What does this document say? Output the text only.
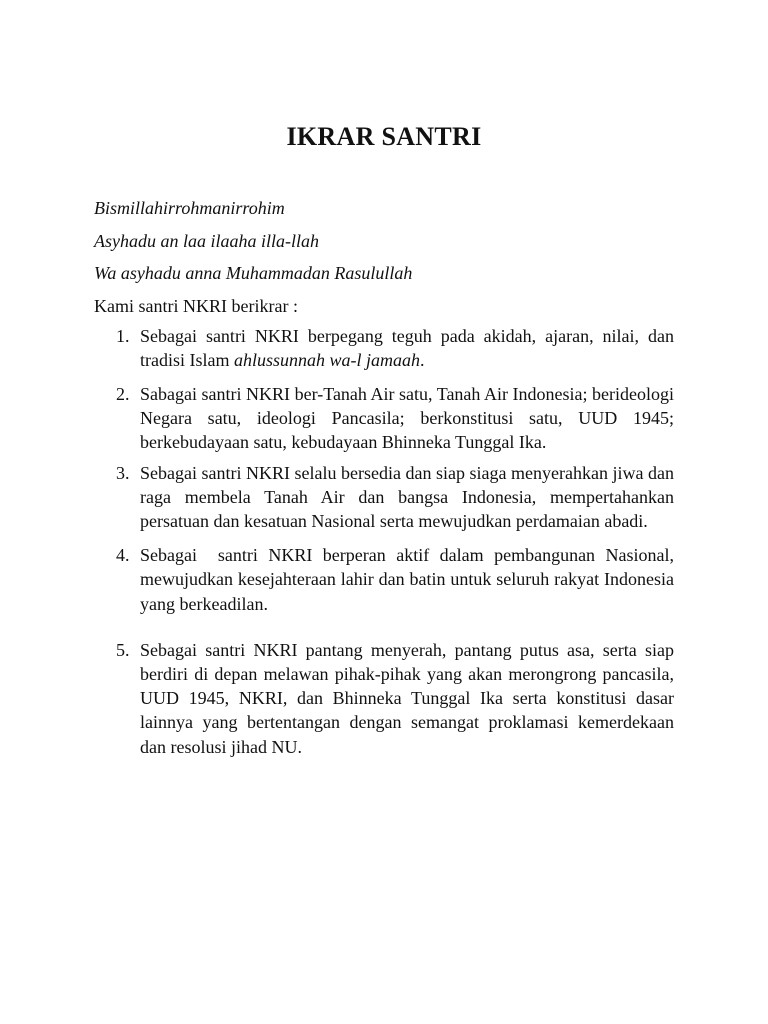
IKRAR SANTRI

Bismillahirrohmanirrohim

Asyhadu an laa ilaaha illa-llah

Wa asyhadu anna Muhammadan Rasulullah

Kami santri NKRI berikrar :

1. Sebagai santri NKRI berpegang teguh pada akidah, ajaran, nilai, dan tradisi Islam ahlussunnah wa-l jamaah.
2. Sabagai santri NKRI ber-Tanah Air satu, Tanah Air Indonesia; berideologi Negara satu, ideologi Pancasila; berkonstitusi satu, UUD 1945; berkebudayaan satu, kebudayaan Bhinneka Tunggal Ika.
3. Sebagai santri NKRI selalu bersedia dan siap siaga menyerahkan jiwa dan raga membela Tanah Air dan bangsa Indonesia, mempertahankan persatuan dan kesatuan Nasional serta mewujudkan perdamaian abadi.
4. Sebagai  santri NKRI berperan aktif dalam pembangunan Nasional, mewujudkan kesejahteraan lahir dan batin untuk seluruh rakyat Indonesia yang berkeadilan.
5. Sebagai santri NKRI pantang menyerah, pantang putus asa, serta siap berdiri di depan melawan pihak-pihak yang akan merongrong pancasila, UUD 1945, NKRI, dan Bhinneka Tunggal Ika serta konstitusi dasar lainnya yang bertentangan dengan semangat proklamasi kemerdekaan dan resolusi jihad NU.
